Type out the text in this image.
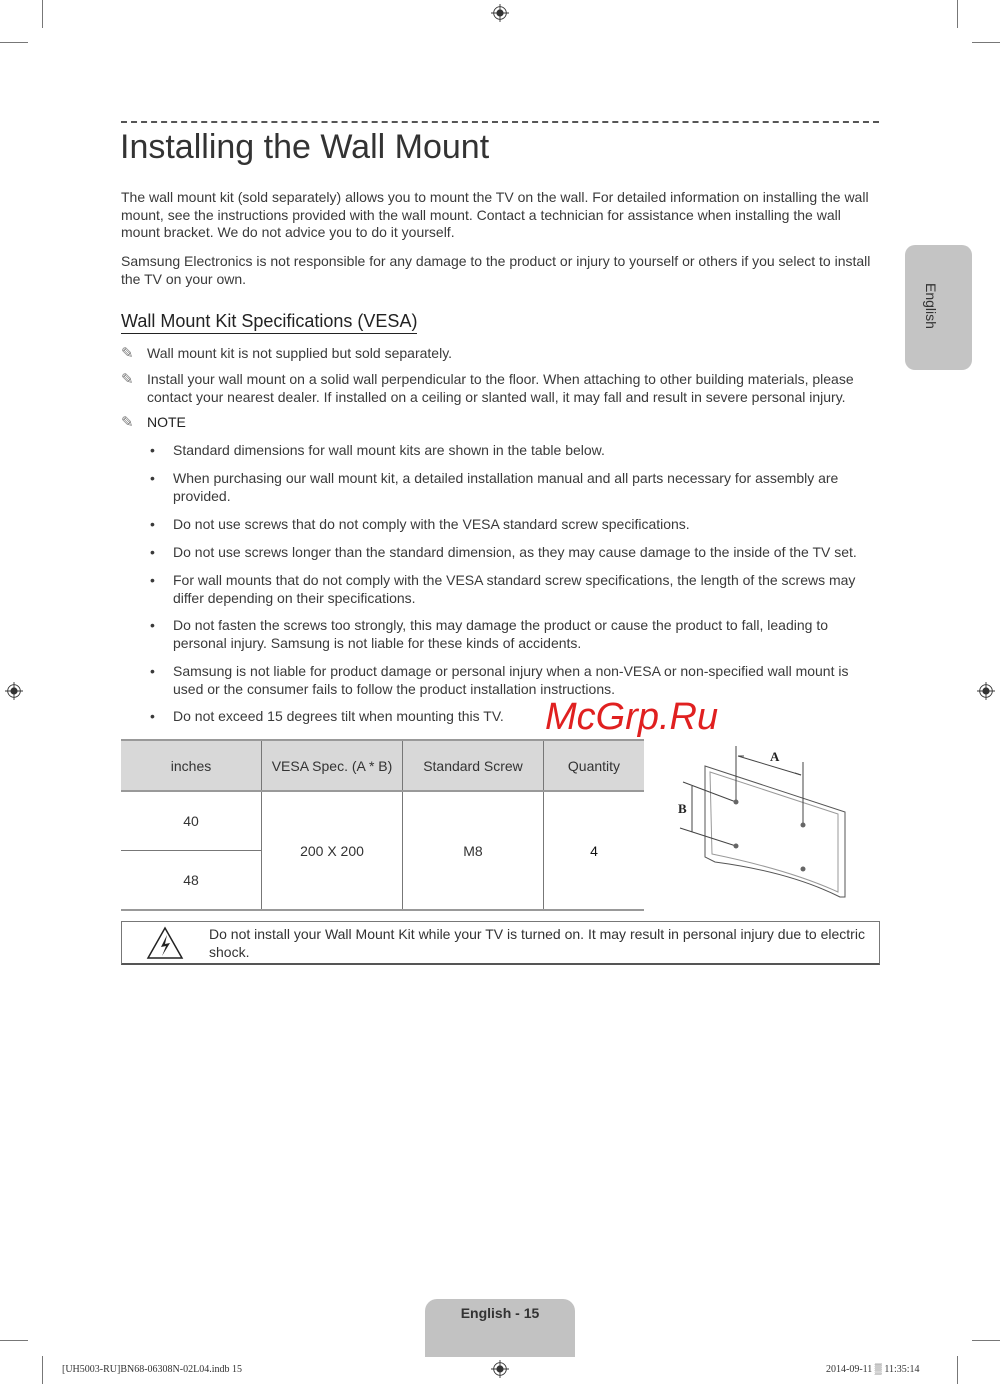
Installing the Wall Mount

The wall mount kit (sold separately) allows you to mount the TV on the wall. For detailed information on installing the wall mount, see the instructions provided with the wall mount. Contact a technician for assistance when installing the wall mount bracket. We do not advice you to do it yourself.

Samsung Electronics is not responsible for any damage to the product or injury to yourself or others if you select to install the TV on your own.

Wall Mount Kit Specifications (VESA)
✎ Wall mount kit is not supplied but sold separately.
✎ Install your wall mount on a solid wall perpendicular to the floor. When attaching to other building materials, please contact your nearest dealer. If installed on a ceiling or slanted wall, it may fall and result in severe personal injury.
✎ NOTE
•	Standard dimensions for wall mount kits are shown in the table below.
•	When purchasing our wall mount kit, a detailed installation manual and all parts necessary for assembly are provided.
•	Do not use screws that do not comply with the VESA standard screw specifications.
•	Do not use screws longer than the standard dimension, as they may cause damage to the inside of the TV set.
•	For wall mounts that do not comply with the VESA standard screw specifications, the length of the screws may differ depending on their specifications.
•	Do not fasten the screws too strongly, this may damage the product or cause the product to fall, leading to personal injury. Samsung is not liable for these kinds of accidents.
•	Samsung is not liable for product damage or personal injury when a non-VESA or non-specified wall mount is used or the consumer fails to follow the product installation instructions.
•	Do not exceed 15 degrees tilt when mounting this TV. McGrp.Ru
inches	VESA Spec. (A * B)	Standard Screw	Quantity
40	200 X 200	M8	4
48			
A
B
Do not install your Wall Mount Kit while your TV is turned on. It may result in personal injury due to electric shock.
English
English - 15
[UH5003-RU]BN68-06308N-02L04.indb 15	2014-09-11 ▒ 11:35:14
